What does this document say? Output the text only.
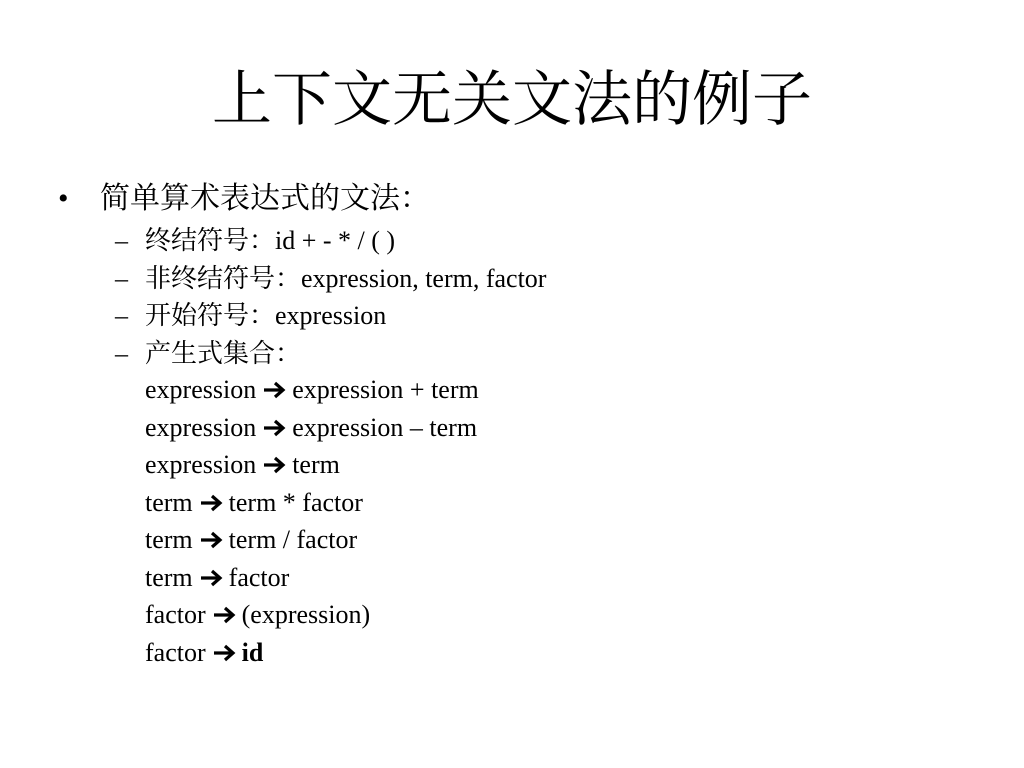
上下文无关文法的例子
• 简单算术表达式的文法：
– 终结符号：id + - * / ( )
– 非终结符号：expression, term, factor
– 开始符号：expression
– 产生式集合：
expression expression + term
expression expression – term
expression term
term term * factor
term term / factor
term factor
factor (expression)
factor id
